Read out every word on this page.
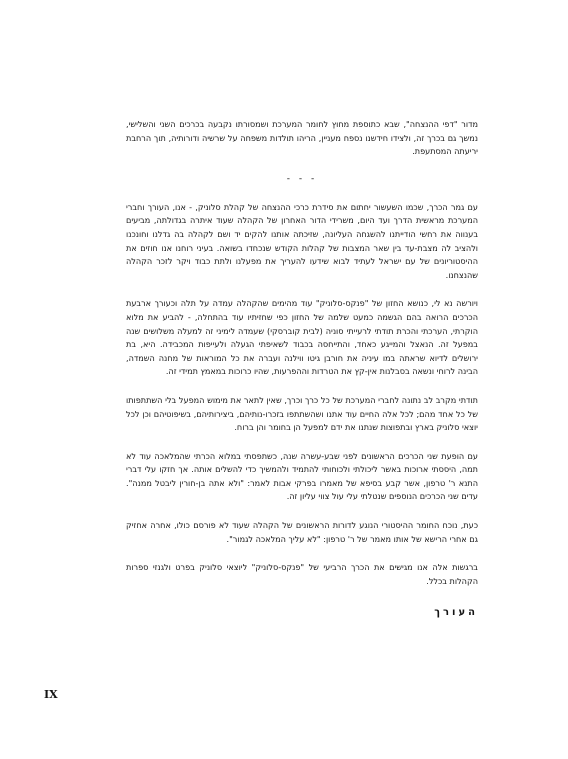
מדור "דפי ההנצחה", שבא כתוספת מחוץ לחומר המערכת ושמסורתו נקבעה בכרכים השני והשלישי, נמשך גם בכרך זה, ולצידו חידשנו נספח מעניין, הריהו תולדות משפחה על שרשיה ודורותיה, תוך הרחבת יריעתה המסתעפת.

- - -

עם גמר הכרך, שכמו השעשור יחתום את סידרת כרכי ההנצחה של קהלת סלוניק, - אנו, העורך וחברי המערכת מראשית הדרך ועד היום, משרידי הדור האחרון של הקהלה שעוד איתרה בגדולתה, מביעים בענווה את רחשי הודייתנו להשגחה העליונה, שזיכתה אותנו להקים יד ושם לקהלה בה גדלנו וחונכנו ולהציב לה מצבת-עד בין שאר המצבות של קהלות הקודש שנכחדו בשואה. בעיני רוחנו אנו חוזים את ההיסטוריונים של עם ישראל לעתיד לבוא שידעו להעריך את מפעלנו ולתת כבוד ויקר לזכר הקהלה שהנצחנו.

ויורשה נא לי, כנושא החזון של "פנקס-סלוניק" עוד מהימים שהקהלה עמדה על תלה וכעורך ארבעת הכרכים הרואה בהם הגשמה כמעט שלמה של החזון כפי שחזיתיו עוד בהתחלה, - להביע את מלוא הוקרתי, הערכתי והכרת תודתי לרעייתי סוניה (לבית קוברסקי) שעמדה לימיני זה למעלה משלושים שנה במפעל זה. הנאצל והמייגע כאחד, והתייחסה בכבוד לשאיפתי הגעלה ולעייפות המכבידה. היא, בת ירושלים לדיוא שראתה במו עיניה את חורבן גיטו ווילנה ועברה את כל המוראות של מחנה השמדה, הבינה לרוחי ונשאה בסבלנות אין-קץ את הטרדות וההפרעות, שהיו כרוכות במאמץ תמידי זה.

תודתי מקרב לב נתונה לחברי המערכת של כל כרך וכרך, שאין לתאר את מימוש המפעל בלי השתתפותו של כל אחד מהם; לכל אלה החיים עוד אתנו ושהשתתפו בזכרו-נותיהם, ביצירותיהם, בשיפוטיהם וכן לכל יוצאי סלוניק בארץ ובתפוצות שנתנו את ידם למפעל הן בחומר והן ברוח.

עם הופעת שני הכרכים הראשונים לפני שבע-עשרה שנה, כשתפסתי במלוא הכרתי שהמלאכה עוד לא תמה, היססתי ארוכות באשר ליכולתי ולכוחותי להתמיד ולהמשיך כדי להשלים אותה. אך חזקו עלי דברי התנא ר' טרפון, אשר קבע בסיפא של מאמרו בפרקי אבות לאמר: "ולא אתה בן-חורין ליבטל ממנה". עדים שני הכרכים הנוספים שנטלתי עלי עול צווי עליון זה.

כעת, נוכח החומר ההיסטורי הנוגע לדורות הראשונים של הקהלה שעוד לא פורסם כולו, אחרה אחזיק גם אחרי הרישא של אותו מאמר של ר' טרפון: "לא עליך המלאכה לגמור".

ברגשות אלה אנו מגישים את הכרך הרביעי של "פנקס-סלוניק" ליוצאי סלוניק בפרט ולגנזי ספרות הקהלות בכלל.

העורך
IX
